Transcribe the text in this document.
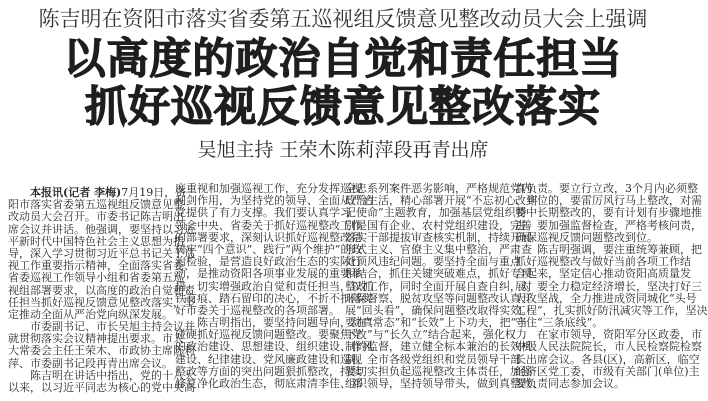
陈吉明在资阳市落实省委第五巡视组反馈意见整改动员大会上强调
以高度的政治自觉和责任担当
抓好巡视反馈意见整改落实
吴旭主持 王荣木陈莉萍段再青出席
　　本报讯(记者 李梅)7月19日，资
阳市落实省委第五巡视组反馈意见整
改动员大会召开。市委书记陈吉明出
席会议并讲话。他强调，要坚持以习近
平新时代中国特色社会主义思想为指
导，深入学习贯彻习近平总书记关于巡
视工作重要指示精神，全面落实省委、
省委巡视工作领导小组和省委第五巡
视组部署要求，以高度的政治自觉和责
任担当抓好巡视反馈意见整改落实，坚
定推动全面从严治党向纵深发展。
　　市委副书记、市长吴旭主持会议并
就贯彻落实会议精神提出要求。市人
大常委会主任王荣木、市政协主席陈莉
萍、市委副书记段再青出席会议。
　　陈吉明在讲话中指出，党的十八大
以来，以习近平同志为核心的党中央高
度重视和加强巡视工作，充分发挥巡视
利剑作用，为坚持党的领导、全面从严治
党提供了有力支撑。我们要认真学习
领会中央、省委关于抓好巡视整改工作
的部署要求，深刻认识抓好巡视整改是
树牢“四个意识”、践行“两个维护”的政
治检验，是营造良好政治生态的实际行
动，是推动资阳各项事业发展的重要举
措，切实增强政治自觉和责任担当，以抓
铁有痕、踏石留印的决心，不折不扣落实
好市委关于巡视整改的各项部署。
　　陈吉明指出，要坚持问题导向，动真
碰硬抓好巡视反馈问题整改。要聚焦党
的政治建设、思想建设、组织建设、作风
建设、纪律建设、党风廉政建设和巡视
整改等方面的突出问题狠抓整改，持续
修复净化政治生态，彻底肃清李佳、邓
全忠系列案件恶劣影响，严格规范党内
政治生活，精心部署开展“不忘初心、牢
记使命”主题教育，加强基层党组织特
别是国有企业、农村党组织建设，完善
落实干部提拔审查核实机制，持续开展
形式主义、官僚主义集中整治，严肃查
处顶风违纪问题。要坚持全面与重点
相结合，抓住关键突破难点，抓好专项
整改工作，同时全面开展自查自纠，对
环保督察、脱贫攻坚等问题整改认真开
展“回头看”，确保问题整改取得实效。
要在“常态”和“长效”上下功夫，把“当
下改”与“长久立”结合起来，强化权力
制约监督，建立健全标本兼治的长效机
制。全市各级党组织和党员领导干部
要切实担负起巡视整改主体责任，加强
组织领导，坚持领导带头，做到真整改、
真负责。要立行立改，3个月内必须整
改到位的，要雷厉风行马上整改，对需
要中长期整改的，要有计划有步骤地推
进。要加强监督检查，严格考核问责，
确保巡视反馈问题整改到位。
　　陈吉明强调，要注重统筹兼顾，把
抓好巡视整改与做好当前各项工作结
合起来，坚定信心推动资阳高质量发
展。要全力稳定经济增长，坚决打好三
大攻坚战，全力推进成资同城化“头号
工程”，扎实抓好防汛减灾等工作，坚决
守住“三条底线”。
　　在家市领导，资阳军分区政委，市
中级人民法院院长，市人民检察院检察
长出席会议。各县(区)，高新区，临空
经济区党工委，市级有关部门(单位)主
要负责同志参加会议。
